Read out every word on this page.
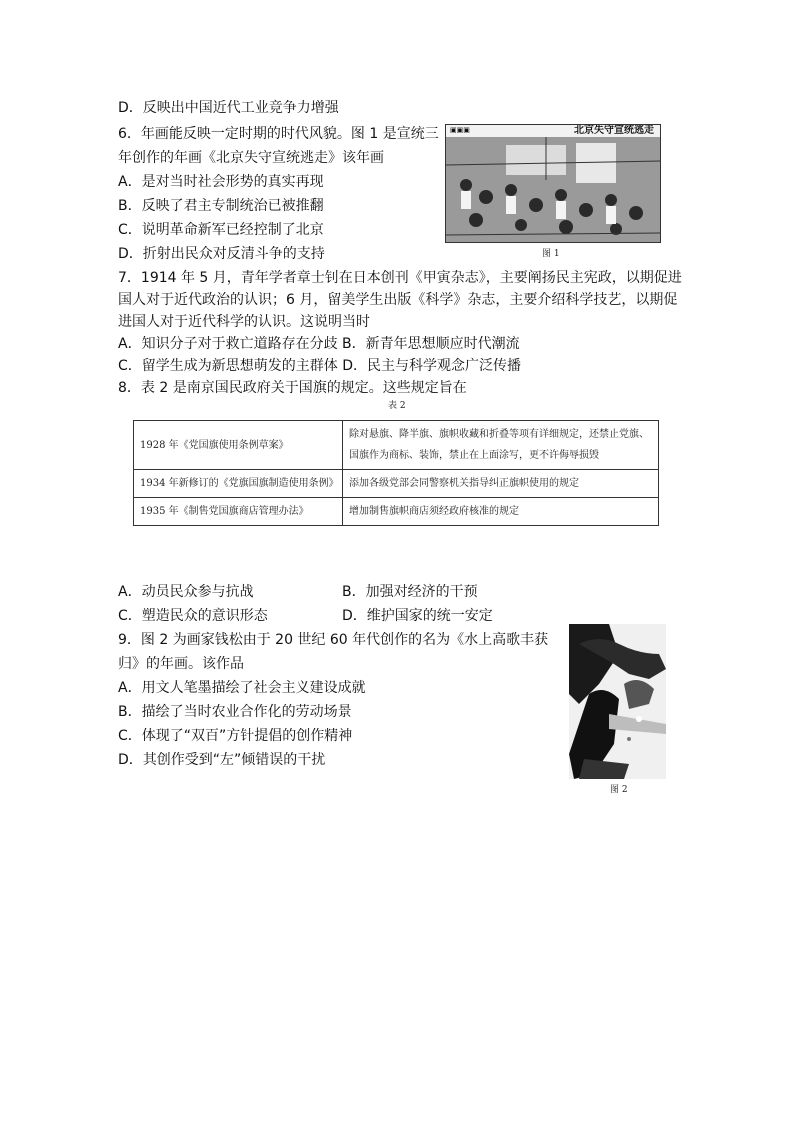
D．反映出中国近代工业竞争力增强
6．年画能反映一定时期的时代风貌。图 1 是宣统三
年创作的年画《北京失守宣统逃走》该年画
A．是对当时社会形势的真实再现
B．反映了君主专制统治已被推翻
C．说明革命新军已经控制了北京
D．折射出民众对反清斗争的支持
▣▣▣	北京失守宣统逃走
图 1
7．1914 年 5 月，青年学者章士钊在日本创刊《甲寅杂志》，主要阐扬民主宪政，以期促进
国人对于近代政治的认识；6 月，留美学生出版《科学》杂志，主要介绍科学技艺，以期促
进国人对于近代科学的认识。这说明当时
A．知识分子对于救亡道路存在分歧 B．新青年思想顺应时代潮流
C．留学生成为新思想萌发的主群体 D．民主与科学观念广泛传播
8．表 2 是南京国民政府关于国旗的规定。这些规定旨在
表 2
1928 年《党国旗使用条例草案》	除对悬旗、降半旗、旗帜收藏和折叠等项有详细规定，还禁止党旗、国旗作为商标、装饰，禁止在上面涂写，更不许侮辱损毁
1934 年新修订的《党旗国旗制造使用条例》	添加各级党部会同警察机关指导纠正旗帜使用的规定
1935 年《制售党国旗商店管理办法》	增加制售旗帜商店须经政府核准的规定
A．动员民众参与抗战	B．加强对经济的干预
C．塑造民众的意识形态	D．维护国家的统一安定
9．图 2 为画家钱松由于 20 世纪 60 年代创作的名为《水上高歌丰获
归》的年画。该作品
A．用文人笔墨描绘了社会主义建设成就
B．描绘了当时农业合作化的劳动场景
C．体现了“双百”方针提倡的创作精神
D．其创作受到“左”倾错误的干扰
图 2
